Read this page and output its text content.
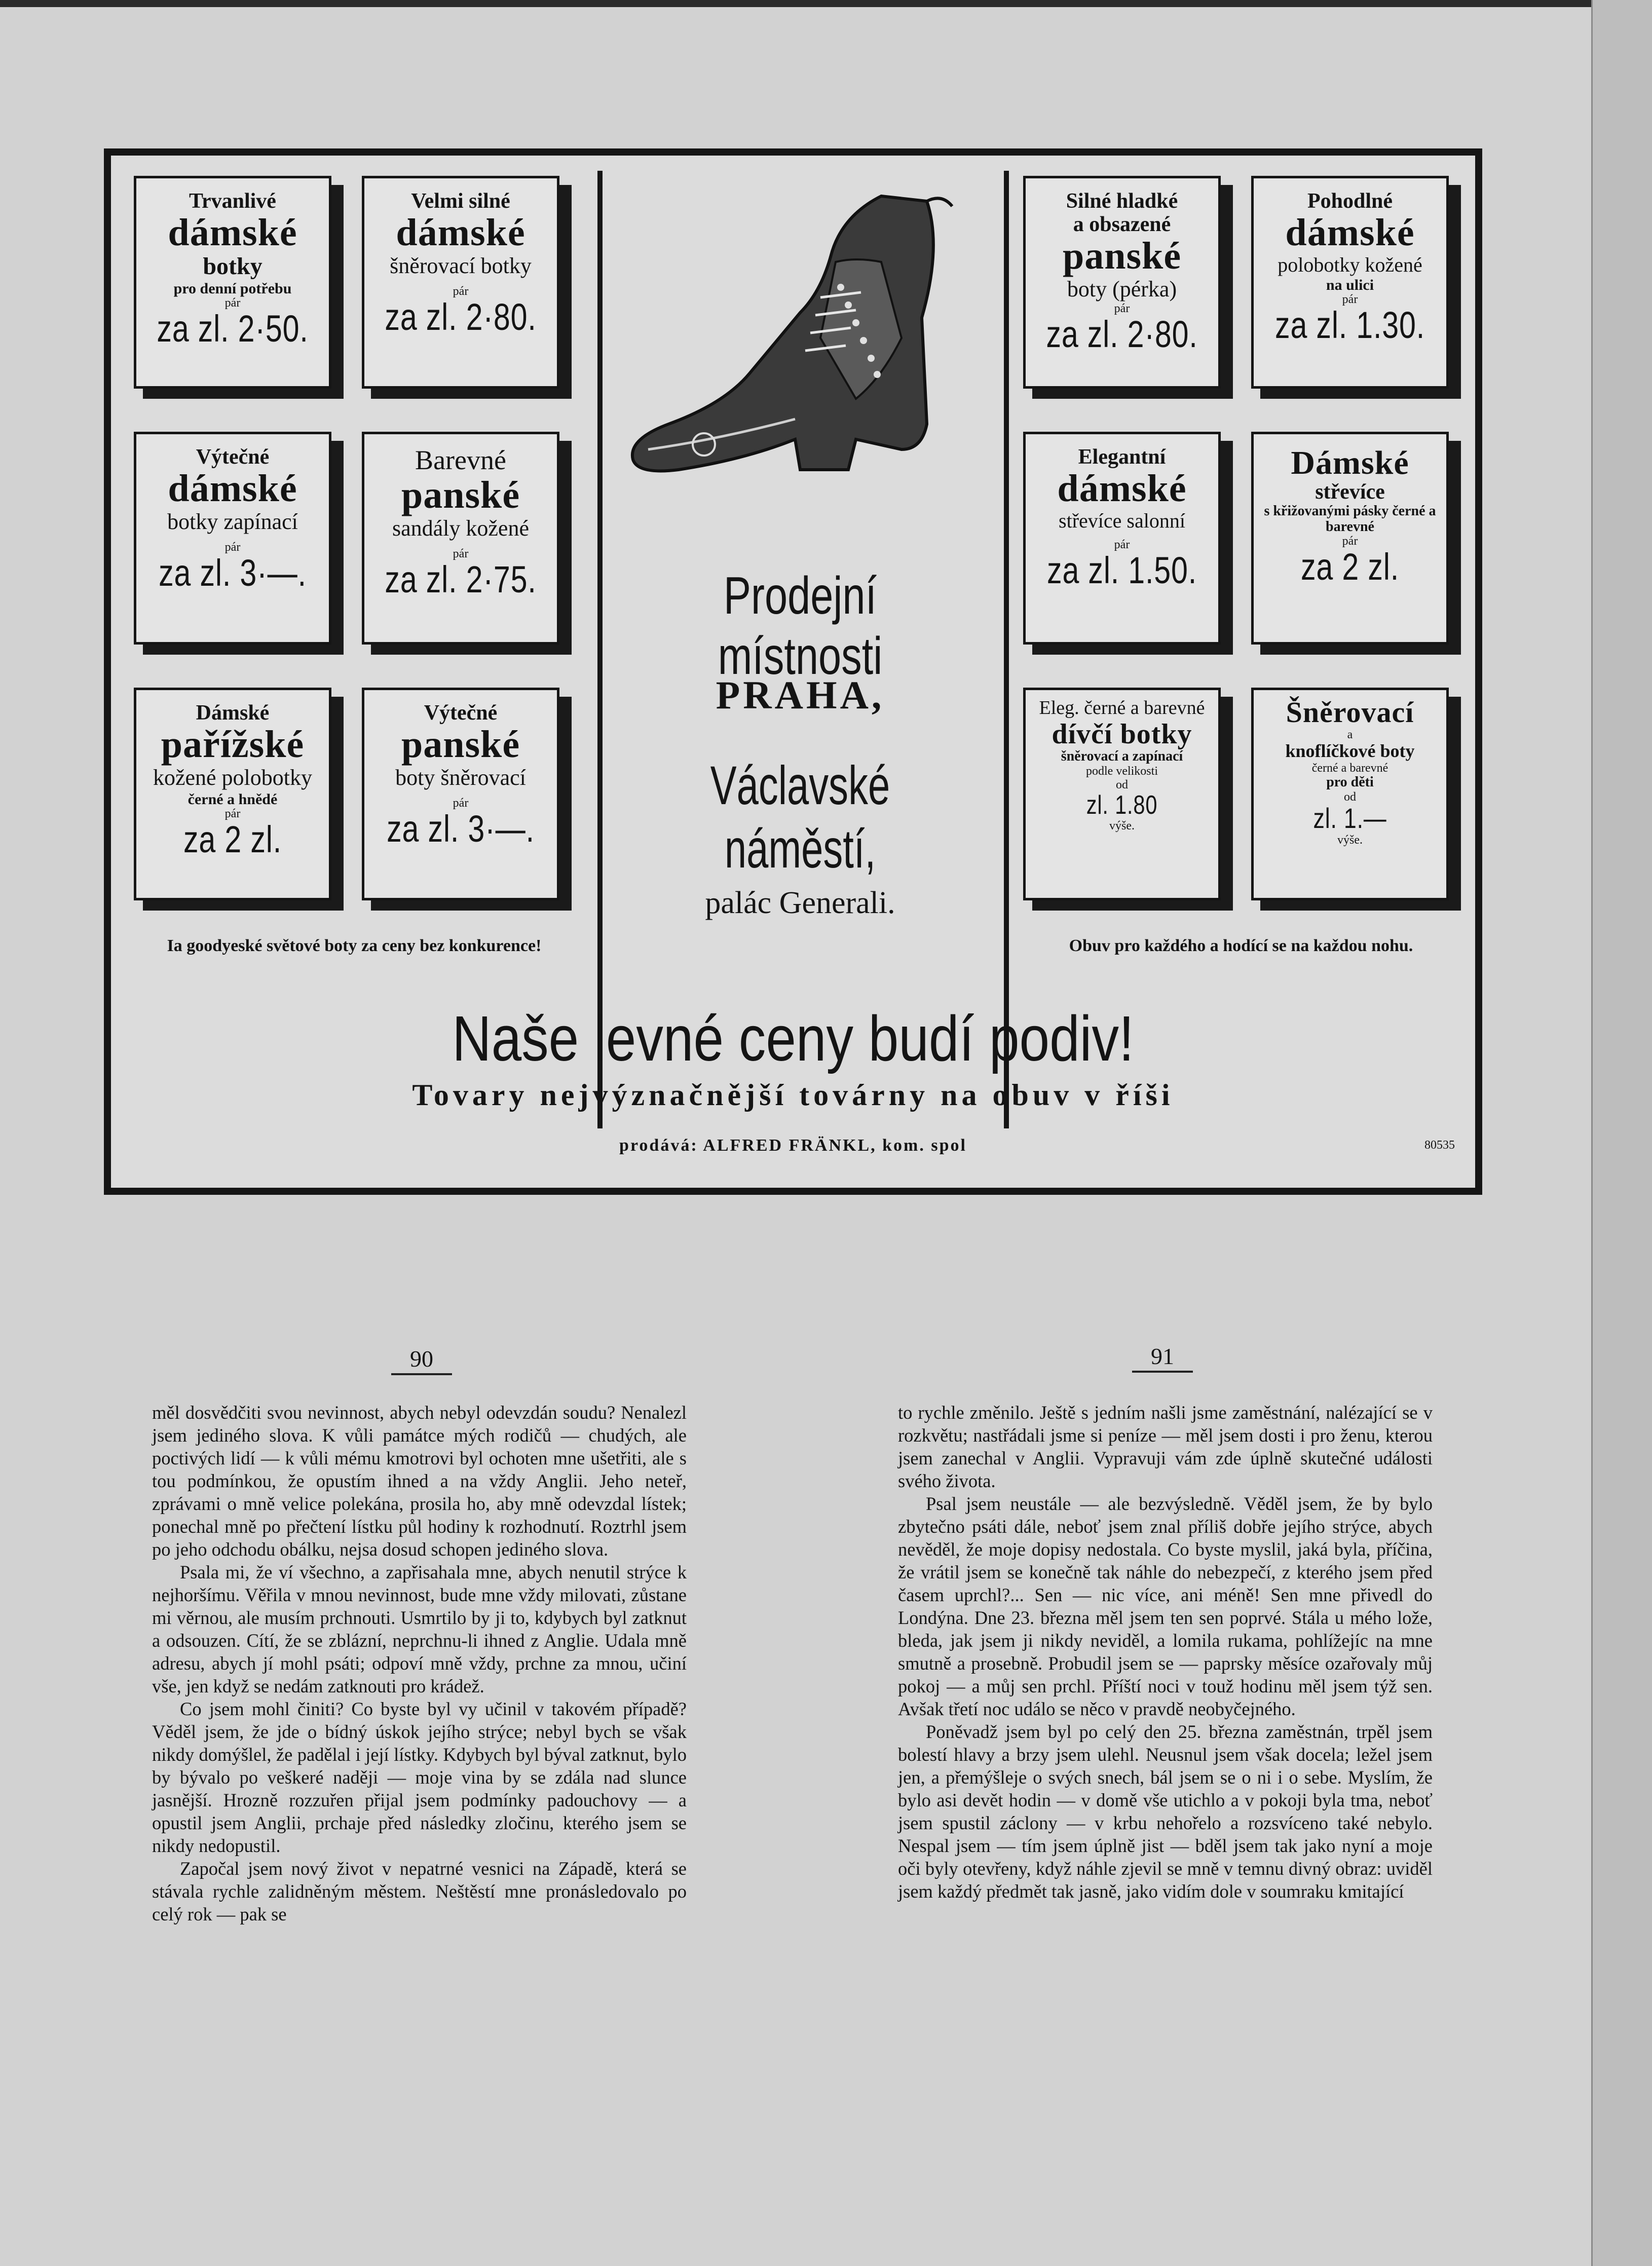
Trvanlivé
dámské
botky
pro denní potřebu
pár
za zl. 2·50.
Velmi silné
dámské
šněrovací botky
pár
za zl. 2·80.
Výtečné
dámské
botky zapínací
pár
za zl. 3·—.
Barevné
panské
sandály kožené
pár
za zl. 2·75.
Dámské
pařížské
kožené polobotky
černé a hnědé
pár
za 2 zl.
Výtečné
panské
boty šněrovací
pár
za zl. 3·—.
Silné hladké
a obsazené
panské
boty (pérka)
pár
za zl. 2·80.
Pohodlné
dámské
polobotky kožené
na ulici
pár
za zl. 1.30.
Elegantní
dámské
střevíce salonní
pár
za zl. 1.50.
Dámské
střevíce
s křižovanými pásky černé a barevné
pár
za 2 zl.
Eleg. černé a barevné
dívčí botky
šněrovací a zapínací
podle velikosti
od
zl. 1.80
výše.
Šněrovací
a
knoflíčkové boty
černé a barevné
pro děti
od
zl. 1.—
výše.
Prodejní místnosti
PRAHA,
Václavské náměstí,
palác Generali.
Ia goodyeské světové boty za ceny bez konkurence!	Obuv pro každého a hodící se na každou nohu.
Naše levné ceny budí podiv!
Tovary nejvýznačnější továrny na obuv v říši
prodává: ALFRED FRÄNKL, kom. spol	80535
90

měl dosvědčiti svou nevinnost, abych nebyl odevzdán soudu? Nenalezl jsem jediného slova. K vůli památce mých rodičů — chudých, ale poctivých lidí — k vůli mému kmotrovi byl ochoten mne ušetřiti, ale s tou podmínkou, že opustím ihned a na vždy Anglii. Jeho neteř, zprávami o mně velice polekána, prosila ho, aby mně odevzdal lístek; ponechal mně po přečtení lístku půl hodiny k rozhodnutí. Roztrhl jsem po jeho odchodu obálku, nejsa dosud schopen jediného slova.

Psala mi, že ví všechno, a zapřisahala mne, abych nenutil strýce k nejhoršímu. Věřila v mnou nevinnost, bude mne vždy milovati, zůstane mi věrnou, ale musím prchnouti. Usmrtilo by ji to, kdybych byl zatknut a odsouzen. Cítí, že se zblázní, neprchnu-li ihned z Anglie. Udala mně adresu, abych jí mohl psáti; odpoví mně vždy, prchne za mnou, učiní vše, jen když se nedám zatknouti pro krádež.

Co jsem mohl činiti? Co byste byl vy učinil v takovém případě? Věděl jsem, že jde o bídný úskok jejího strýce; nebyl bych se však nikdy domýšlel, že padělal i její lístky. Kdybych byl býval zatknut, bylo by bývalo po veškeré naději — moje vina by se zdála nad slunce jasnější. Hrozně rozzuřen přijal jsem podmínky padouchovy — a opustil jsem Anglii, prchaje před následky zločinu, kterého jsem se nikdy nedopustil.

Započal jsem nový život v nepatrné vesnici na Západě, která se stávala rychle zalidněným městem. Neštěstí mne pronásledovalo po celý rok — pak se

91

to rychle změnilo. Ještě s jedním našli jsme zaměstnání, nalézající se v rozkvětu; nastřádali jsme si peníze — měl jsem dosti i pro ženu, kterou jsem zanechal v Anglii. Vypravuji vám zde úplně skutečné události svého života.

Psal jsem neustále — ale bezvýsledně. Věděl jsem, že by bylo zbytečno psáti dále, neboť jsem znal příliš dobře jejího strýce, abych nevěděl, že moje dopisy nedostala. Co byste myslil, jaká byla, příčina, že vrátil jsem se konečně tak náhle do nebezpečí, z kterého jsem před časem uprchl?... Sen — nic více, ani méně! Sen mne přivedl do Londýna. Dne 23. března měl jsem ten sen poprvé. Stála u mého lože, bleda, jak jsem ji nikdy neviděl, a lomila rukama, pohlížejíc na mne smutně a prosebně. Probudil jsem se — paprsky měsíce ozařovaly můj pokoj — a můj sen prchl. Příští noci v touž hodinu měl jsem týž sen. Avšak třetí noc událo se něco v pravdě neobyčejného.

Poněvadž jsem byl po celý den 25. března zaměstnán, trpěl jsem bolestí hlavy a brzy jsem ulehl. Neusnul jsem však docela; ležel jsem jen, a přemýšleje o svých snech, bál jsem se o ni i o sebe. Myslím, že bylo asi devět hodin — v domě vše utichlo a v pokoji byla tma, neboť jsem spustil záclony — v krbu nehořelo a rozsvíceno také nebylo. Nespal jsem — tím jsem úplně jist — bděl jsem tak jako nyní a moje oči byly otevřeny, když náhle zjevil se mně v temnu divný obraz: uviděl jsem každý předmět tak jasně, jako vidím dole v soumraku kmitající
